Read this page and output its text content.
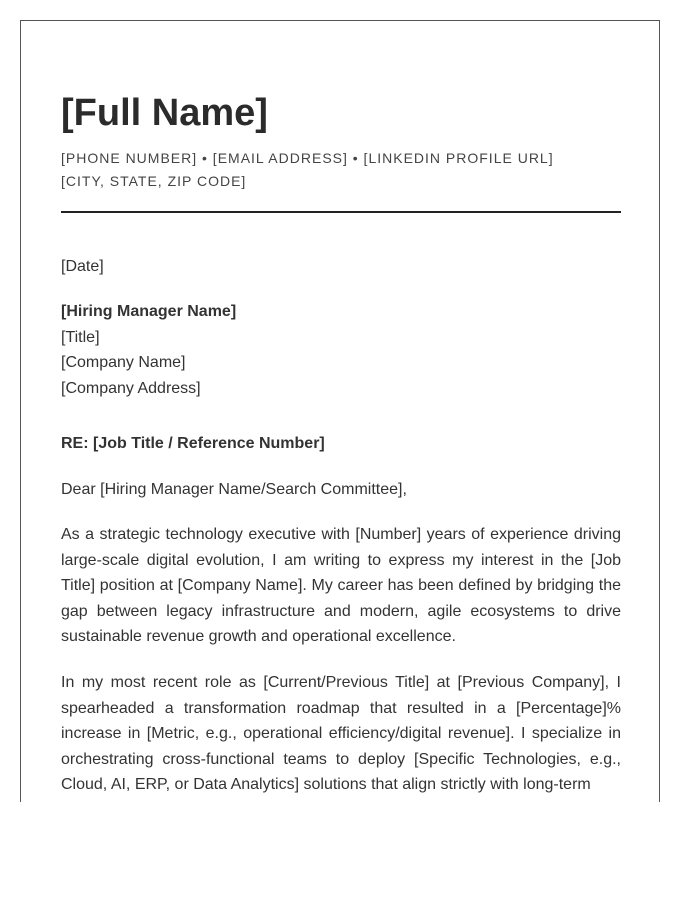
[Full Name]
[PHONE NUMBER] • [EMAIL ADDRESS] • [LINKEDIN PROFILE URL]
[CITY, STATE, ZIP CODE]
[Date]
[Hiring Manager Name]
[Title]
[Company Name]
[Company Address]
RE: [Job Title / Reference Number]
Dear [Hiring Manager Name/Search Committee],

As a strategic technology executive with [Number] years of experience driving large-scale digital evolution, I am writing to express my interest in the [Job Title] position at [Company Name]. My career has been defined by bridging the gap between legacy infrastructure and modern, agile ecosystems to drive sustainable revenue growth and operational excellence.

In my most recent role as [Current/Previous Title] at [Previous Company], I spearheaded a transformation roadmap that resulted in a [Percentage]% increase in [Metric, e.g., operational efficiency/digital revenue]. I specialize in orchestrating cross-functional teams to deploy [Specific Technologies, e.g., Cloud, AI, ERP, or Data Analytics] solutions that align strictly with long-term
